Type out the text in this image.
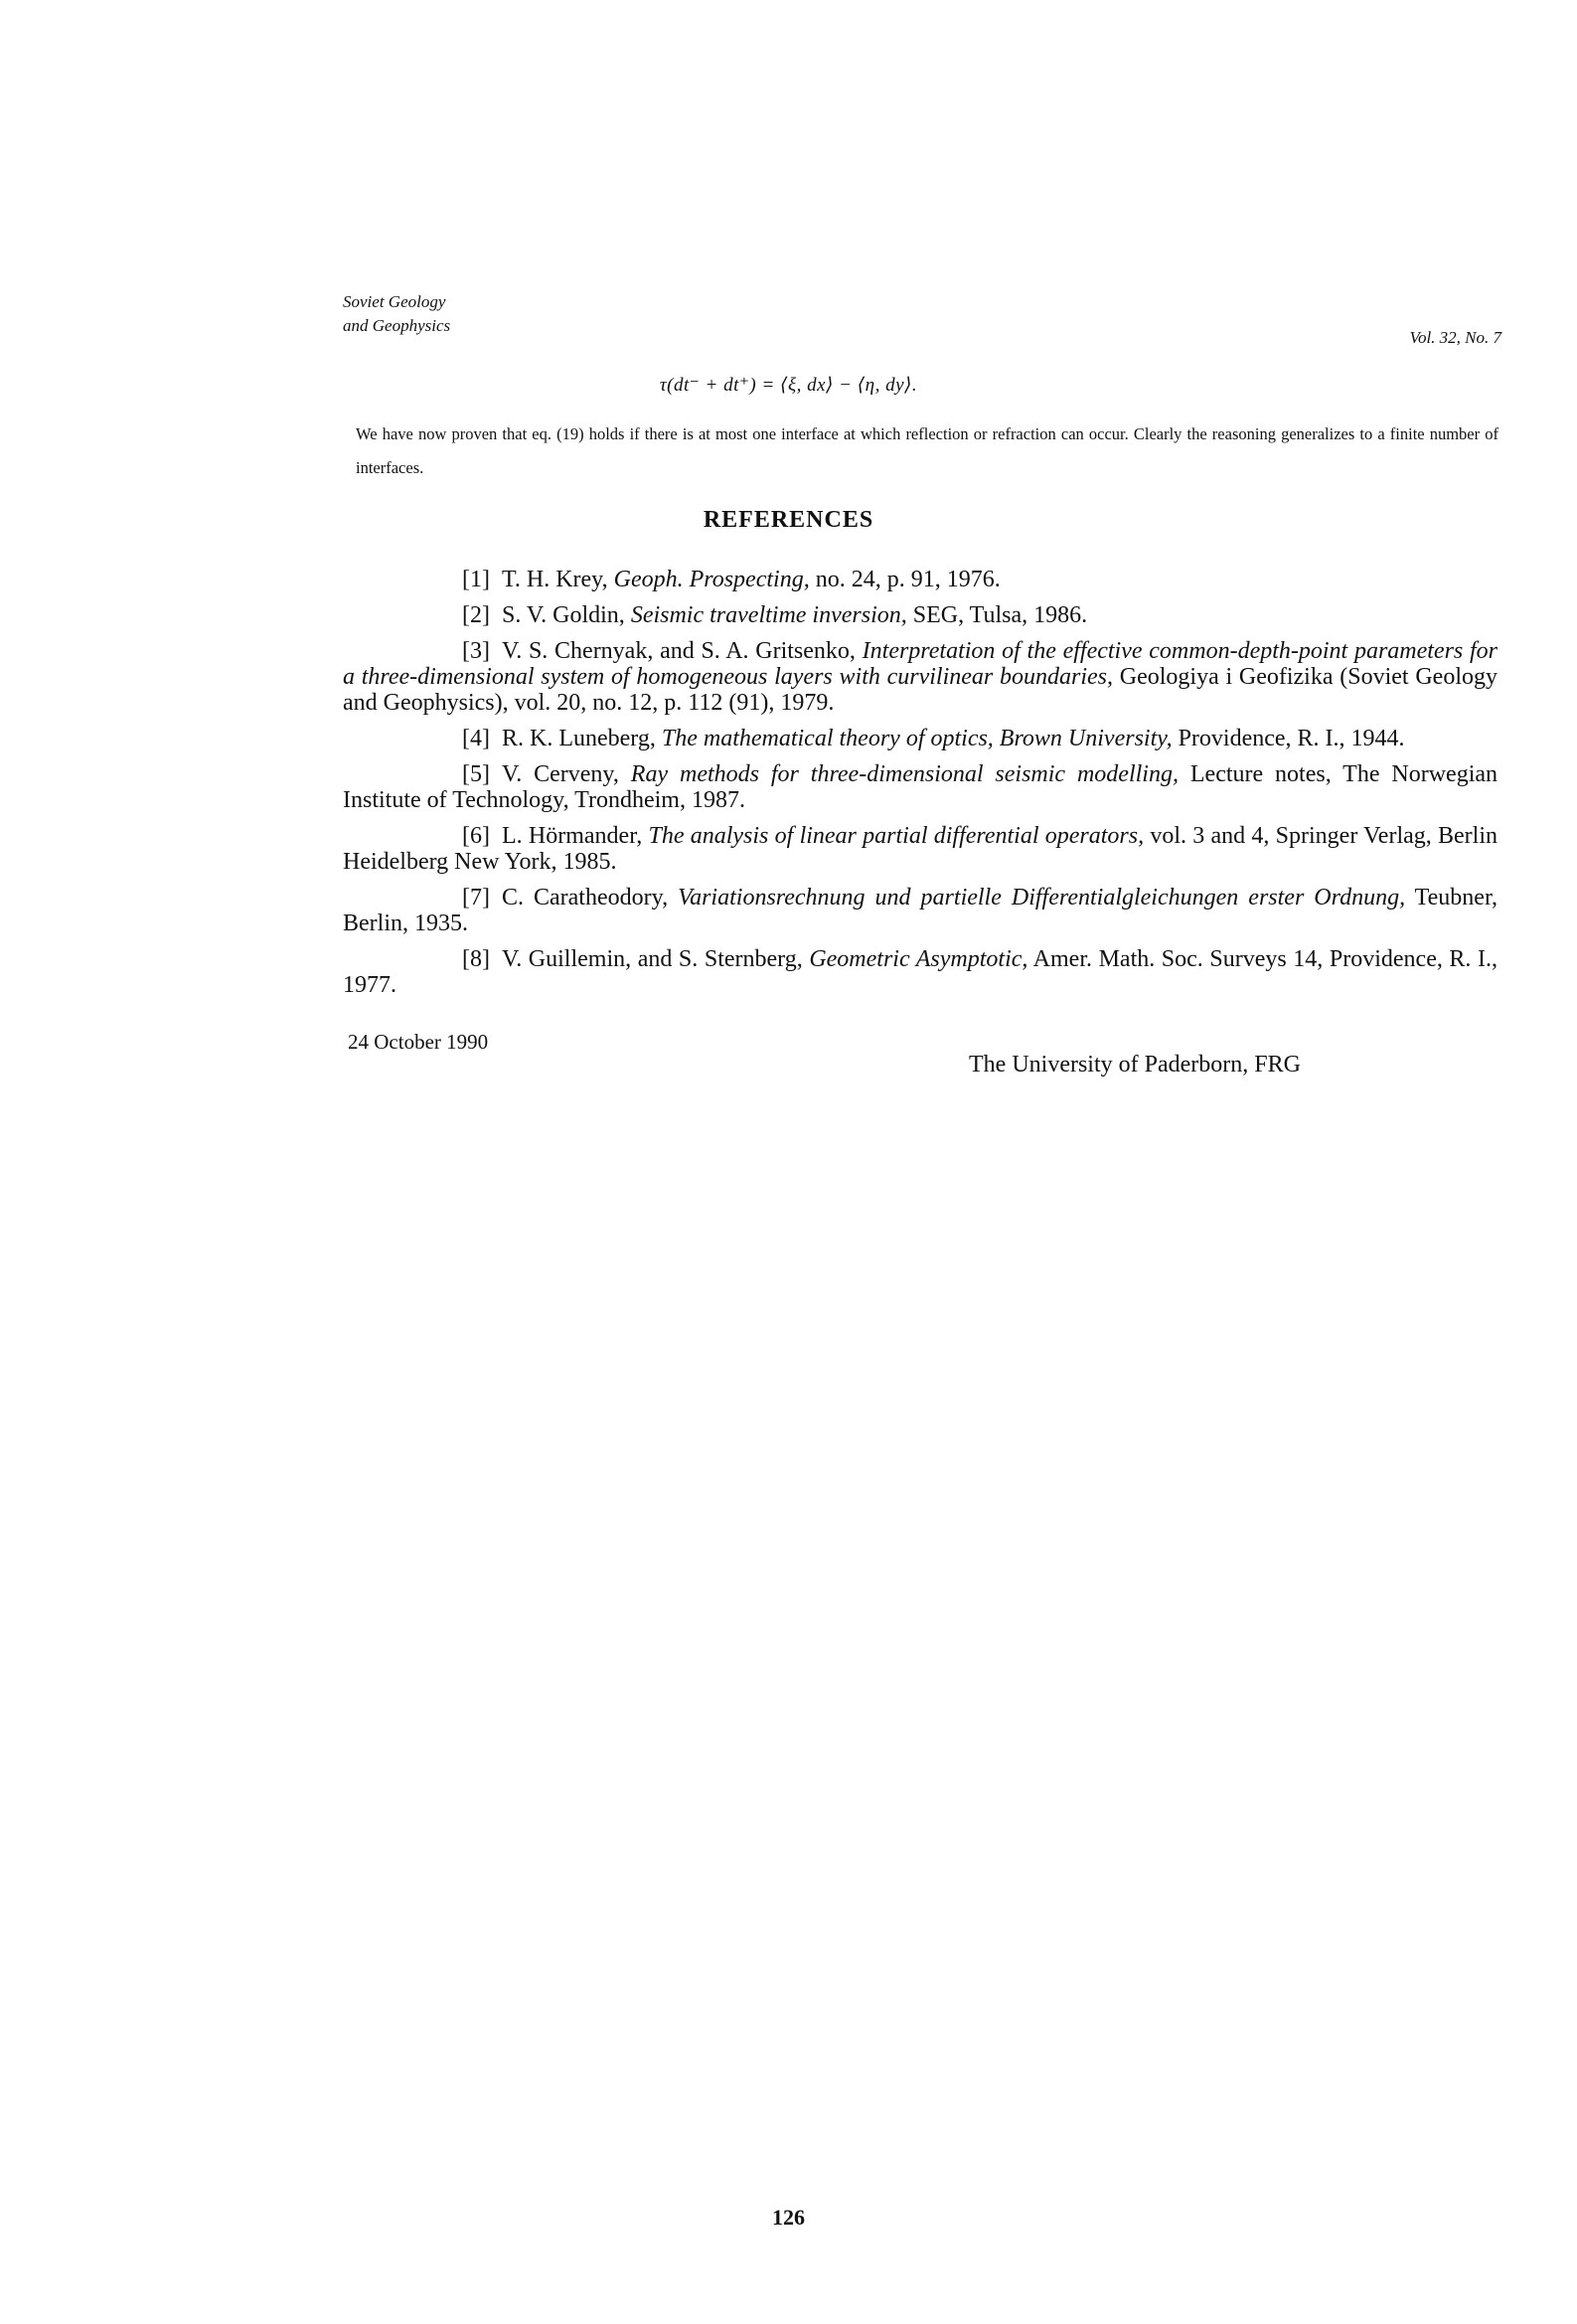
Soviet Geology
and Geophysics
Vol. 32, No. 7
τ(dt⁻ + dt⁺) = ⟨ξ, dx⟩ − ⟨η, dy⟩.
We have now proven that eq. (19) holds if there is at most one interface at which reflection or refraction can occur. Clearly the reasoning generalizes to a finite number of interfaces.
REFERENCES

[1] T. H. Krey, Geoph. Prospecting, no. 24, p. 91, 1976.

[2] S. V. Goldin, Seismic traveltime inversion, SEG, Tulsa, 1986.

[3] V. S. Chernyak, and S. A. Gritsenko, Interpretation of the effective common-depth-point parameters for a three-dimensional system of homogeneous layers with curvilinear boundaries, Geologiya i Geofizika (Soviet Geology and Geophysics), vol. 20, no. 12, p. 112 (91), 1979.

[4] R. K. Luneberg, The mathematical theory of optics, Brown University, Providence, R. I., 1944.

[5] V. Cerveny, Ray methods for three-dimensional seismic modelling, Lecture notes, The Norwegian Institute of Technology, Trondheim, 1987.

[6] L. Hörmander, The analysis of linear partial differential operators, vol. 3 and 4, Springer Verlag, Berlin Heidelberg New York, 1985.

[7] C. Caratheodory, Variationsrechnung und partielle Differentialgleichungen erster Ordnung, Teubner, Berlin, 1935.

[8] V. Guillemin, and S. Sternberg, Geometric Asymptotic, Amer. Math. Soc. Surveys 14, Providence, R. I., 1977.

24 October 1990
The University of Paderborn, FRG
126
